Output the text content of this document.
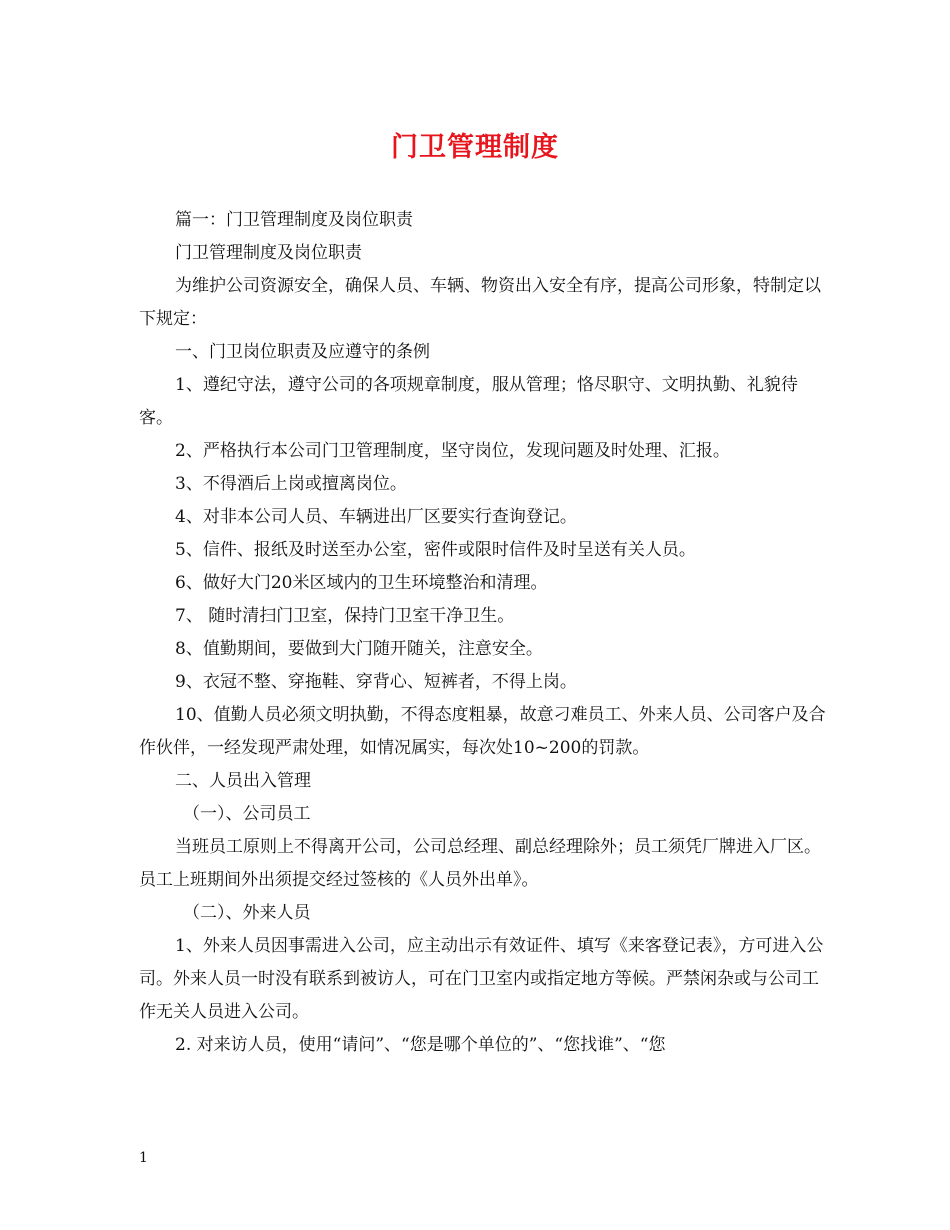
门卫管理制度

篇一：门卫管理制度及岗位职责

门卫管理制度及岗位职责

为维护公司资源安全，确保人员、车辆、物资出入安全有序，提高公司形象，特制定以下规定：

一、门卫岗位职责及应遵守的条例

1、遵纪守法，遵守公司的各项规章制度，服从管理；恪尽职守、文明执勤、礼貌待客。

2、严格执行本公司门卫管理制度，坚守岗位，发现问题及时处理、汇报。

3、不得酒后上岗或擅离岗位。

4、对非本公司人员、车辆进出厂区要实行查询登记。

5、信件、报纸及时送至办公室，密件或限时信件及时呈送有关人员。

6、做好大门20米区域内的卫生环境整治和清理。

7、 随时清扫门卫室，保持门卫室干净卫生。

8、值勤期间，要做到大门随开随关，注意安全。

9、衣冠不整、穿拖鞋、穿背心、短裤者，不得上岗。

10、值勤人员必须文明执勤，不得态度粗暴，故意刁难员工、外来人员、公司客户及合作伙伴，一经发现严肃处理，如情况属实，每次处10~200的罚款。

二、人员出入管理

（一）、公司员工

当班员工原则上不得离开公司，公司总经理、副总经理除外；员工须凭厂牌进入厂区。员工上班期间外出须提交经过签核的《人员外出单》。

（二）、外来人员

1、外来人员因事需进入公司，应主动出示有效证件、填写《来客登记表》，方可进入公司。外来人员一时没有联系到被访人，可在门卫室内或指定地方等候。严禁闲杂或与公司工作无关人员进入公司。

2. 对来访人员，使用“请问”、“您是哪个单位的”、“您找谁”、“您

1
